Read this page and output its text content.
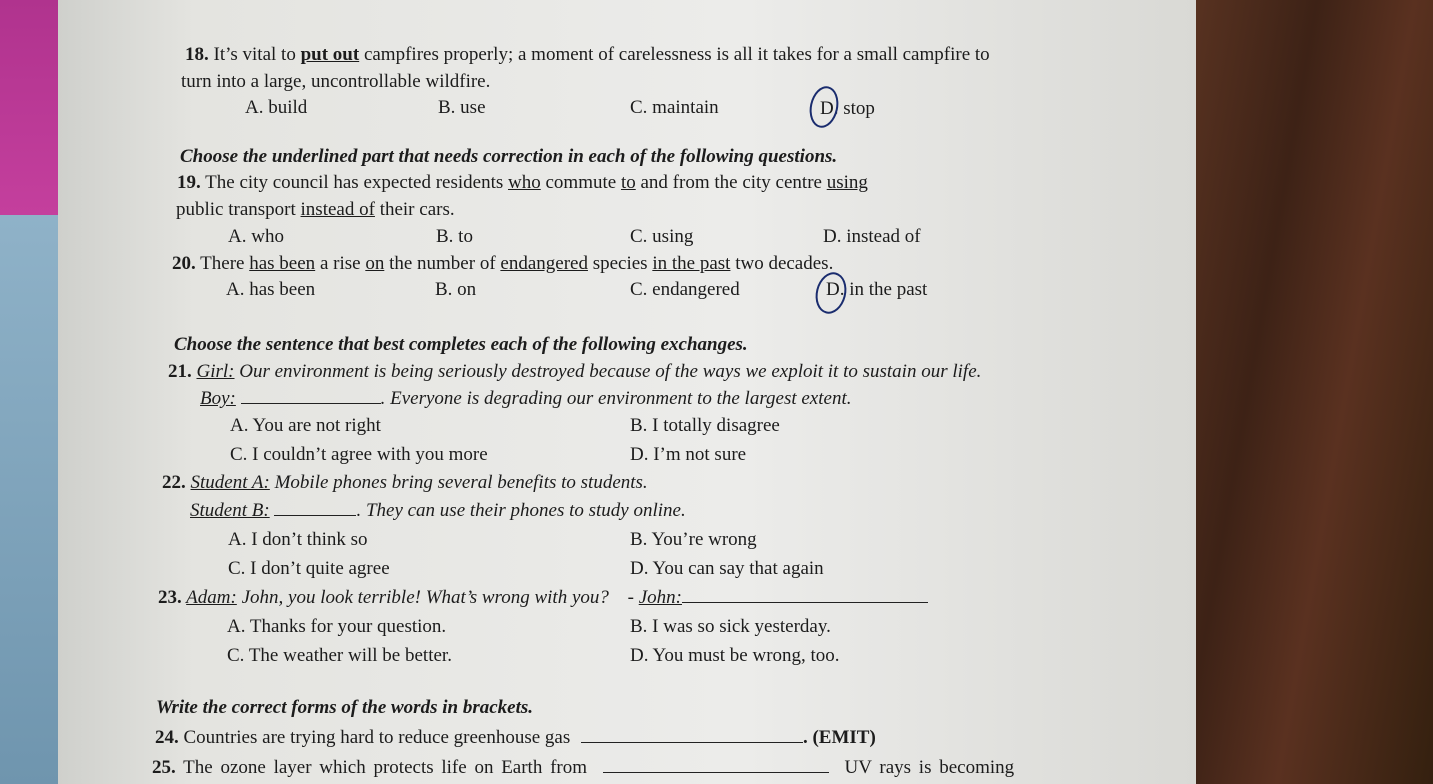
18. It’s vital to put out campfires properly; a moment of carelessness is all it takes for a small campfire to
turn into a large, uncontrollable wildfire.
A. build	B. use	C. maintain	D. stop
Choose the underlined part that needs correction in each of the following questions.
19. The city council has expected residents who commute to and from the city centre using
public transport instead of their cars.
A. who	B. to	C. using	D. instead of
20. There has been a rise on the number of endangered species in the past two decades.
A. has been	B. on	C. endangered	D. in the past
Choose the sentence that best completes each of the following exchanges.
21. Girl: Our environment is being seriously destroyed because of the ways we exploit it to sustain our life.
Boy:	. Everyone is degrading our environment to the largest extent.
A. You are not right	B. I totally disagree
C. I couldn’t agree with you more	D. I’m not sure
22. Student A: Mobile phones bring several benefits to students.
Student B:	. They can use their phones to study online.
A. I don’t think so	B. You’re wrong
C. I don’t quite agree	D. You can say that again
23. Adam: John, you look terrible! What’s wrong with you? - John:
A. Thanks for your question.	B. I was so sick yesterday.
C. The weather will be better.	D. You must be wrong, too.
Write the correct forms of the words in brackets.
24. Countries are trying hard to reduce greenhouse gas	. (EMIT)
25. The ozone layer which protects life on Earth from	UV rays is becoming
